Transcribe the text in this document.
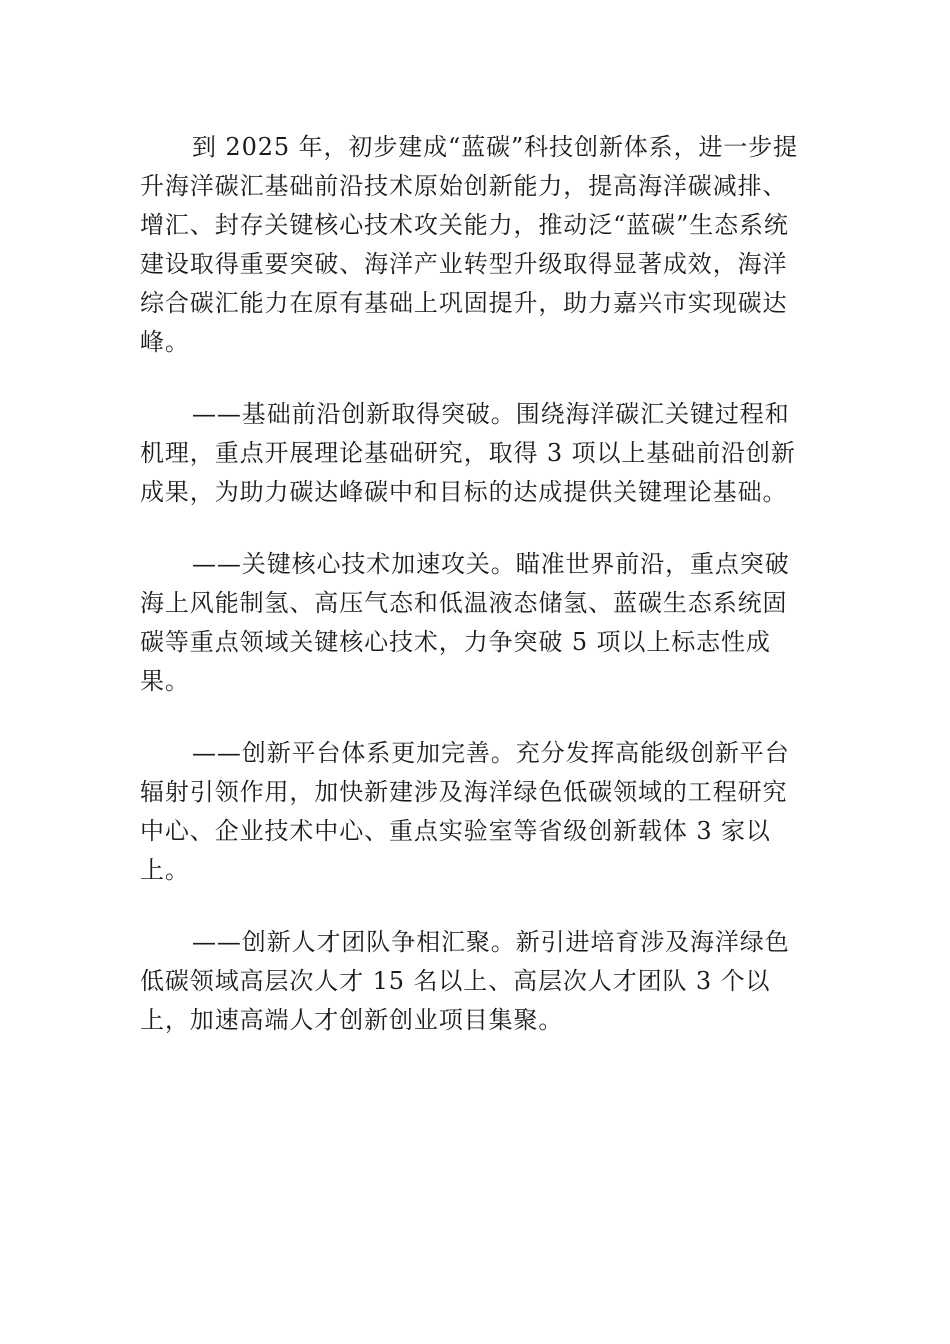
到 2025 年，初步建成“蓝碳”科技创新体系，进一步提升海洋碳汇基础前沿技术原始创新能力，提高海洋碳减排、增汇、封存关键核心技术攻关能力，推动泛“蓝碳”生态系统建设取得重要突破、海洋产业转型升级取得显著成效，海洋综合碳汇能力在原有基础上巩固提升，助力嘉兴市实现碳达峰。

——基础前沿创新取得突破。围绕海洋碳汇关键过程和机理，重点开展理论基础研究，取得 3 项以上基础前沿创新成果，为助力碳达峰碳中和目标的达成提供关键理论基础。

——关键核心技术加速攻关。瞄准世界前沿，重点突破海上风能制氢、高压气态和低温液态储氢、蓝碳生态系统固碳等重点领域关键核心技术，力争突破 5 项以上标志性成果。

——创新平台体系更加完善。充分发挥高能级创新平台辐射引领作用，加快新建涉及海洋绿色低碳领域的工程研究中心、企业技术中心、重点实验室等省级创新载体 3 家以上。

——创新人才团队争相汇聚。新引进培育涉及海洋绿色低碳领域高层次人才 15 名以上、高层次人才团队 3 个以上，加速高端人才创新创业项目集聚。
